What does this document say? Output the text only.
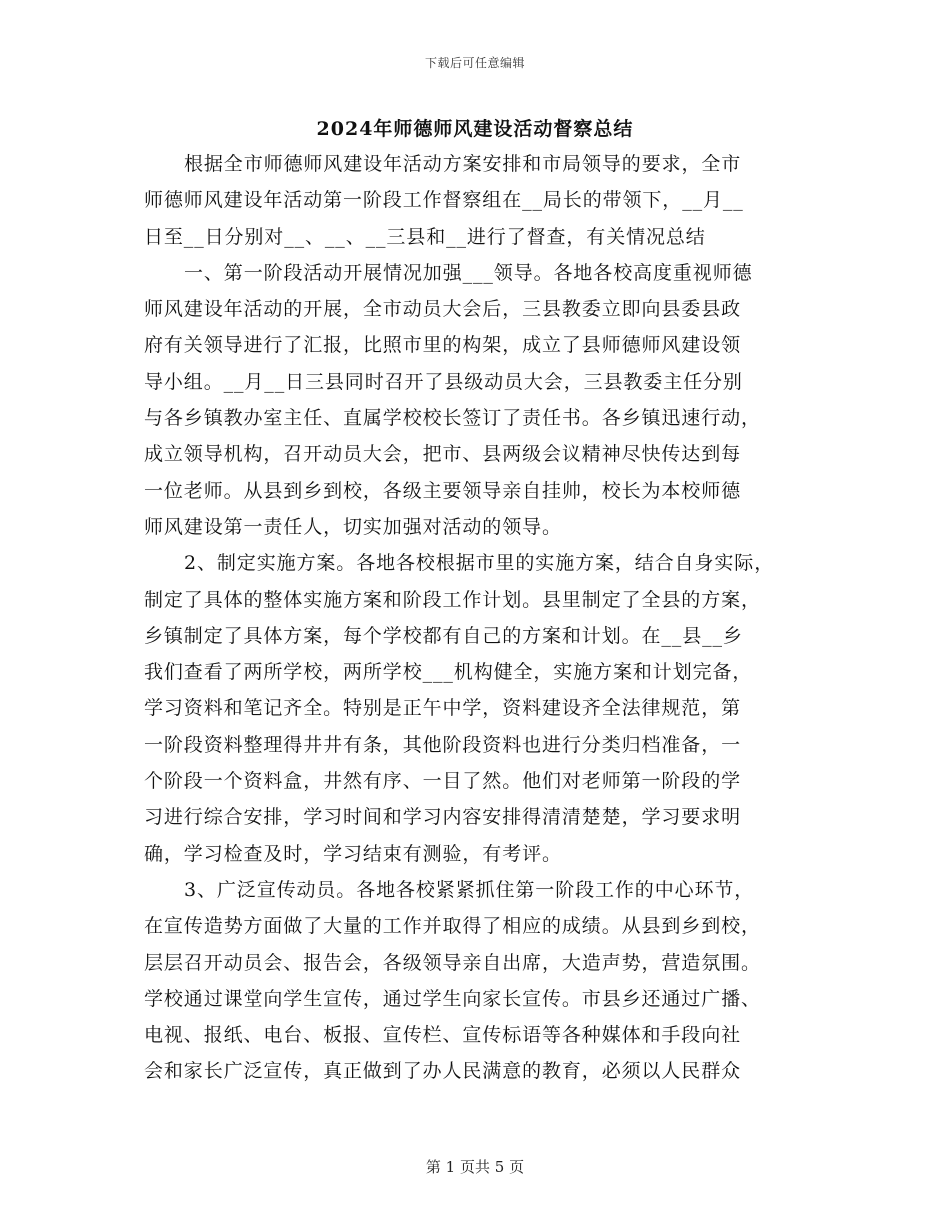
下载后可任意编辑
2024年师德师风建设活动督察总结
根据全市师德师风建设年活动方案安排和市局领导的要求，全市
师德师风建设年活动第一阶段工作督察组在__局长的带领下，__月__
日至__日分别对__、__、__三县和__进行了督查，有关情况总结
一、第一阶段活动开展情况加强___领导。各地各校高度重视师德
师风建设年活动的开展，全市动员大会后，三县教委立即向县委县政
府有关领导进行了汇报，比照市里的构架，成立了县师德师风建设领
导小组。__月__日三县同时召开了县级动员大会，三县教委主任分别
与各乡镇教办室主任、直属学校校长签订了责任书。各乡镇迅速行动，
成立领导机构，召开动员大会，把市、县两级会议精神尽快传达到每
一位老师。从县到乡到校，各级主要领导亲自挂帅，校长为本校师德
师风建设第一责任人，切实加强对活动的领导。
2、制定实施方案。各地各校根据市里的实施方案，结合自身实际，
制定了具体的整体实施方案和阶段工作计划。县里制定了全县的方案，
乡镇制定了具体方案，每个学校都有自己的方案和计划。在__县__乡
我们查看了两所学校，两所学校___机构健全，实施方案和计划完备，
学习资料和笔记齐全。特别是正午中学，资料建设齐全法律规范，第
一阶段资料整理得井井有条，其他阶段资料也进行分类归档准备，一
个阶段一个资料盒，井然有序、一目了然。他们对老师第一阶段的学
习进行综合安排，学习时间和学习内容安排得清清楚楚，学习要求明
确，学习检查及时，学习结束有测验，有考评。
3、广泛宣传动员。各地各校紧紧抓住第一阶段工作的中心环节，
在宣传造势方面做了大量的工作并取得了相应的成绩。从县到乡到校，
层层召开动员会、报告会，各级领导亲自出席，大造声势，营造氛围。
学校通过课堂向学生宣传，通过学生向家长宣传。市县乡还通过广播、
电视、报纸、电台、板报、宣传栏、宣传标语等各种媒体和手段向社
会和家长广泛宣传，真正做到了办人民满意的教育，必须以人民群众
第 1 页共 5 页
